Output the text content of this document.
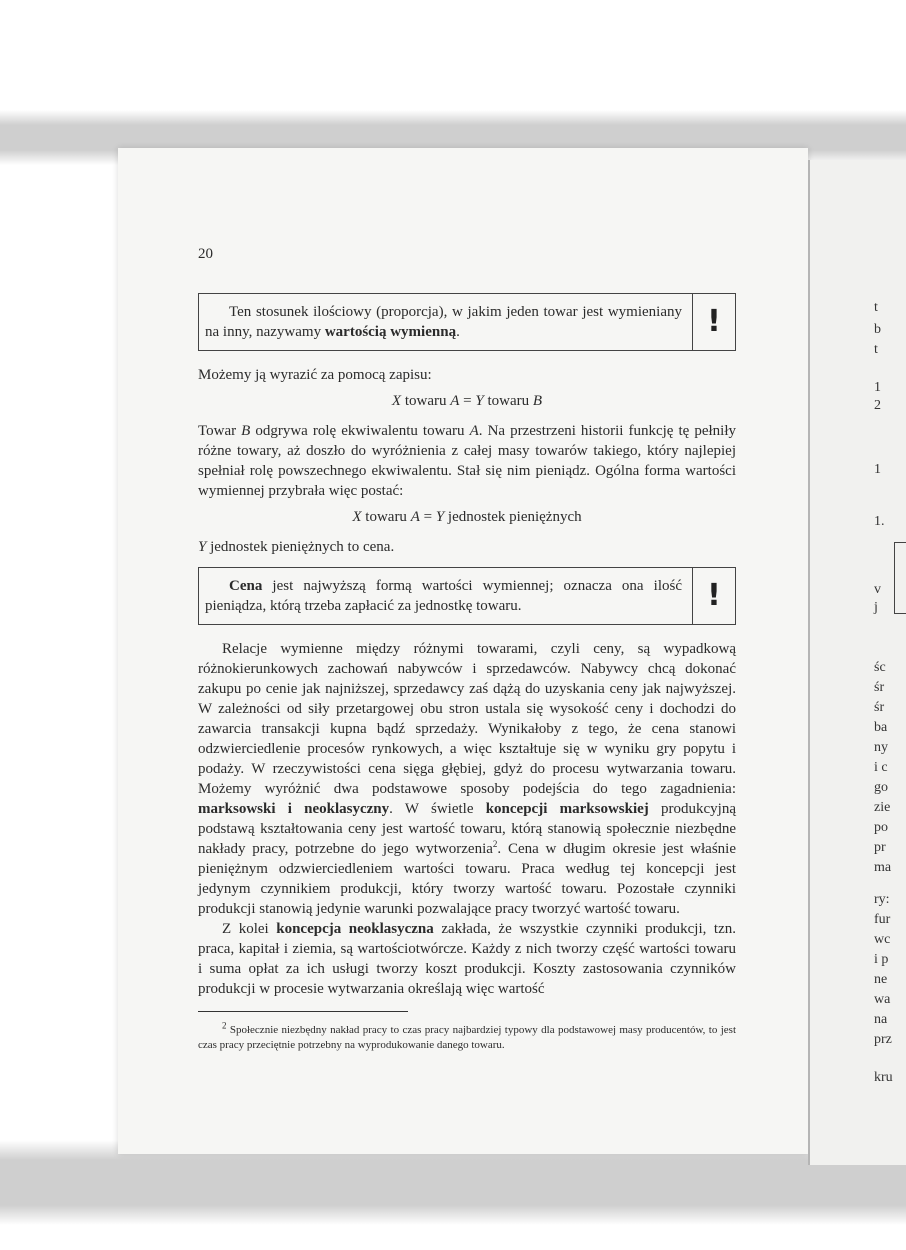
20
Ten stosunek ilościowy (proporcja), w jakim jeden towar jest wymieniany na inny, nazywamy wartością wymienną.	!

Możemy ją wyrazić za pomocą zapisu:

X towaru A = Y towaru B

Towar B odgrywa rolę ekwiwalentu towaru A. Na przestrzeni historii funkcję tę pełniły różne towary, aż doszło do wyróżnienia z całej masy towarów takiego, który najlepiej spełniał rolę powszechnego ekwiwalentu. Stał się nim pieniądz. Ogólna forma wartości wymiennej przybrała więc postać:

X towaru A = Y jednostek pieniężnych

Y jednostek pieniężnych to cena.

Cena jest najwyższą formą wartości wymiennej; oznacza ona ilość pieniądza, którą trzeba zapłacić za jednostkę towaru.	!

Relacje wymienne między różnymi towarami, czyli ceny, są wypadkową różnokierunkowych zachowań nabywców i sprzedawców. Nabywcy chcą dokonać zakupu po cenie jak najniższej, sprzedawcy zaś dążą do uzyskania ceny jak najwyższej. W zależności od siły przetargowej obu stron ustala się wysokość ceny i dochodzi do zawarcia transakcji kupna bądź sprzedaży. Wynikałoby z tego, że cena stanowi odzwierciedlenie procesów rynkowych, a więc kształtuje się w wyniku gry popytu i podaży. W rzeczywistości cena sięga głębiej, gdyż do procesu wytwarzania towaru. Możemy wyróżnić dwa podstawowe sposoby podejścia do tego zagadnienia: marksowski i neoklasyczny. W świetle koncepcji marksowskiej produkcyjną podstawą kształtowania ceny jest wartość towaru, którą stanowią społecznie niezbędne nakłady pracy, potrzebne do jego wytworzenia$^2$. Cena w długim okresie jest właśnie pieniężnym odzwierciedleniem wartości towaru. Praca według tej koncepcji jest jedynym czynnikiem produkcji, który tworzy wartość towaru. Pozostałe czynniki produkcji stanowią jedynie warunki pozwalające pracy tworzyć wartość towaru.

Z kolei koncepcja neoklasyczna zakłada, że wszystkie czynniki produkcji, tzn. praca, kapitał i ziemia, są wartościotwórcze. Każdy z nich tworzy część wartości towaru i suma opłat za ich usługi tworzy koszt produkcji. Koszty zastosowania czynników produkcji w procesie wytwarzania określają więc wartość

$^2$ Społecznie niezbędny nakład pracy to czas pracy najbardziej typowy dla podstawowej masy producentów, to jest czas pracy przeciętnie potrzebny na wyprodukowanie danego towaru.

t
b
t
1
2
1
1.
v
j
śc
śr
śr
ba
ny
i c
go
zie
po
pr
ma
ry:
fur
wc
i p
ne
wa
na
prz
kru
